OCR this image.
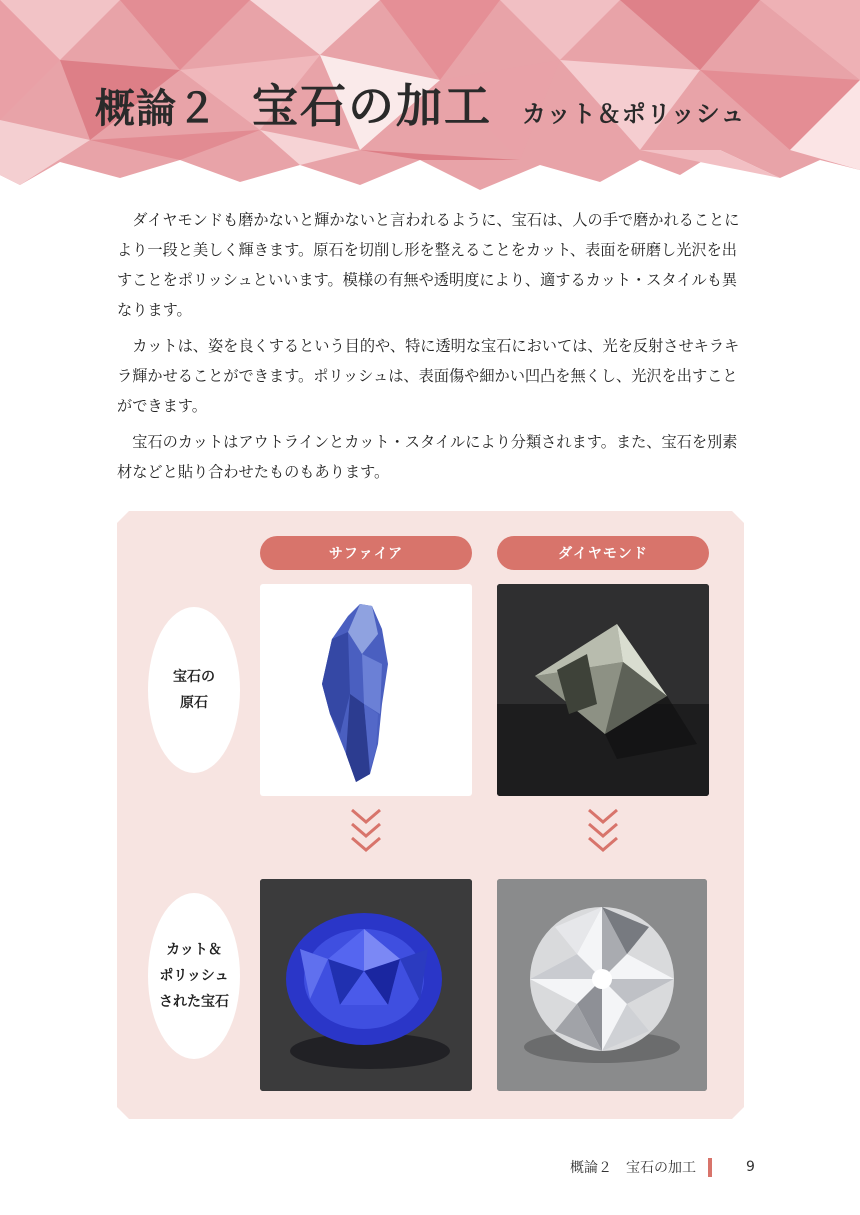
概論２ 宝石の加工 カット＆ポリッシュ

ダイヤモンドも磨かないと輝かないと言われるように、宝石は、人の手で磨かれることにより一段と美しく輝きます。原石を切削し形を整えることをカット、表面を研磨し光沢を出すことをポリッシュといいます。模様の有無や透明度により、適するカット・スタイルも異なります。

カットは、姿を良くするという目的や、特に透明な宝石においては、光を反射させキラキラ輝かせることができます。ポリッシュは、表面傷や細かい凹凸を無くし、光沢を出すことができます。

宝石のカットはアウトラインとカット・スタイルにより分類されます。また、宝石を別素材などと貼り合わせたものもあります。

サファイア	ダイヤモンド
宝石の
原石
カット＆
ポリッシュ
された宝石
概論２　宝石の加工	9
